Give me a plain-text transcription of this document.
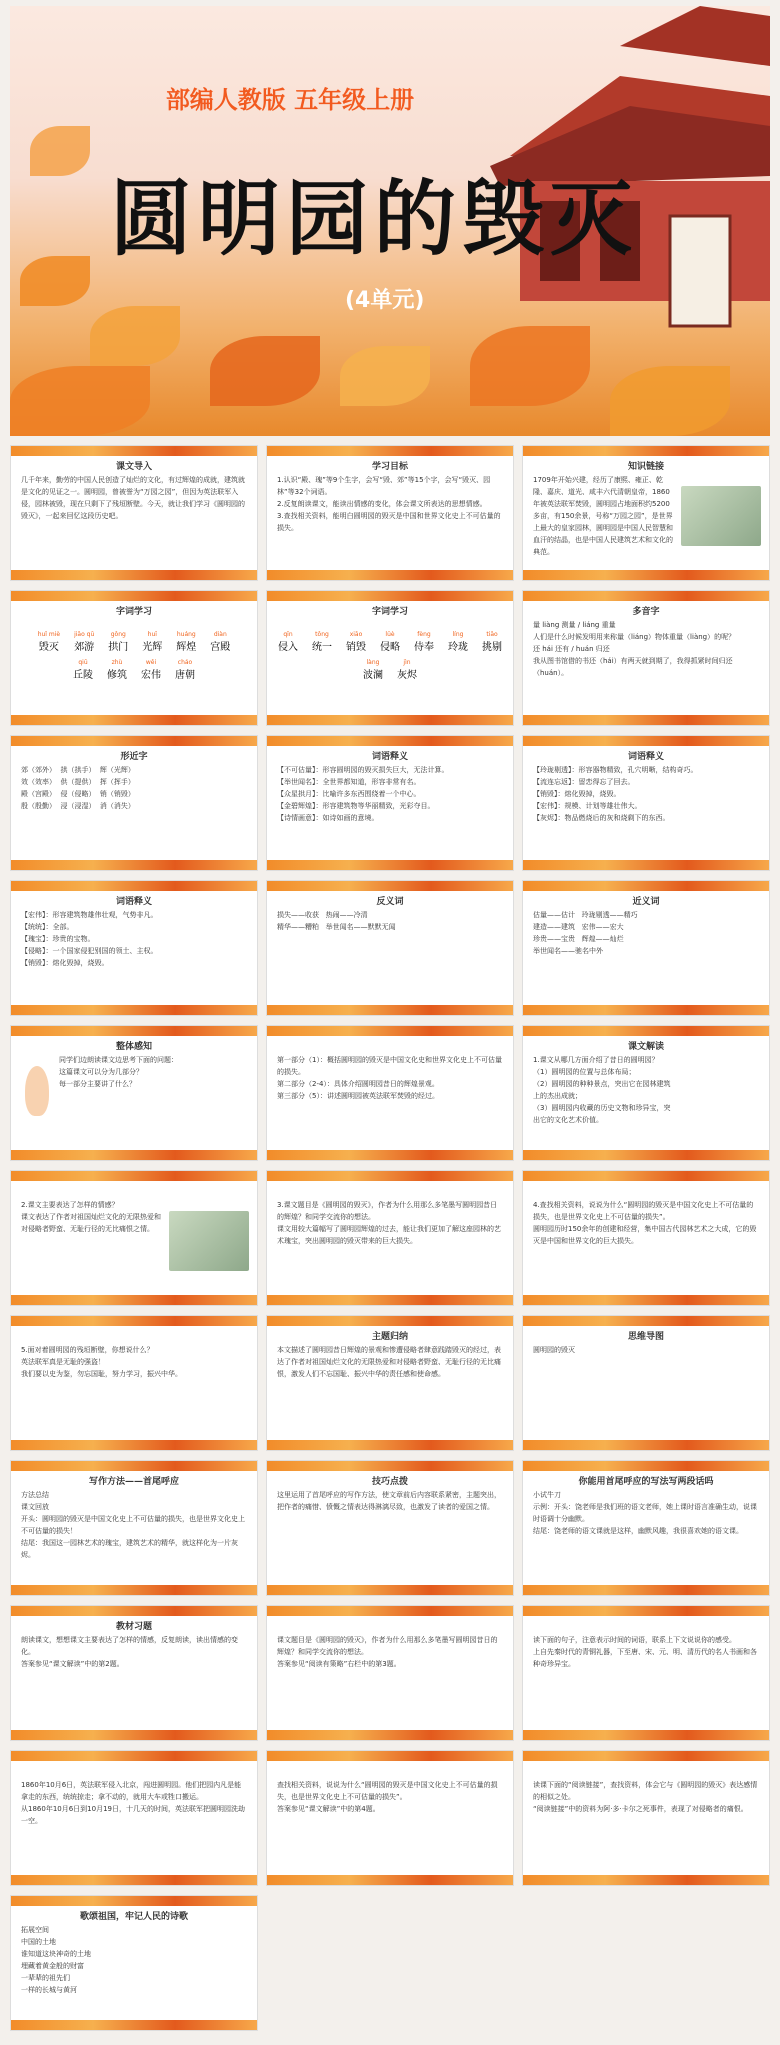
部编人教版 五年级上册
圆明园的毁灭
(4单元)
课文导入
几千年来，勤劳的中国人民创造了灿烂的文化，有过辉煌的成就，建筑就是文化的见证之一。圆明园，曾被誉为“万园之园”，但因为英法联军入侵，园林被毁，现在只剩下了残垣断壁。今天，就让我们学习《圆明园的毁灭》，一起来回忆这段历史吧。
学习目标
1.认识“殿、瑰”等9个生字，会写“毁、郊”等15个字，会写“毁灭、园林”等32个词语。
2.反复朗读课文，能读出情感的变化，体会课文所表达的思想情感。
3.查找相关资料，能明白圆明园的毁灭是中国和世界文化史上不可估量的损失。
知识链接
1709年开始兴建，经历了康熙、雍正、乾隆、嘉庆、道光、咸丰六代清朝皇帝，1860年被英法联军焚毁，圆明园占地面积约5200多亩，有150余景，号称“万园之园”，是世界上最大的皇家园林，圆明园是中国人民智慧和血汗的结晶，也是中国人民建筑艺术和文化的典范。
字词学习
huǐ miè
毁灭
jiāo qū
郊游
gǒng
拱门
huī
光辉
huáng
辉煌
diàn
宫殿
qiū
丘陵
zhù
修筑
wěi
宏伟
cháo
唐朝
字词学习
qīn
侵入
tǒng
统一
xiāo
销毁
lüè
侵略
fèng
侍奉
líng
玲珑
tiāo
挑剔
làng
波澜
jìn
灰烬
多音字
量 liàng 测量 / liáng 重量
人们是什么时候发明用来称量（liáng）物体重量（liàng）的呢？
还 hái 还有 / huán 归还
我从图书馆借的书还（hái）有两天就到期了，我得抓紧时间归还（huán）。
形近字
郊（郊外）  拱（拱手）  辉（光辉）
效（效率）  供（提供）  挥（挥手）
殿（宫殿）  侵（侵略）  销（销毁）
殷（殷勤）  浸（浸湿）  消（消失）
词语释义
【不可估量】：形容圆明园的毁灭损失巨大，无法计算。
【举世闻名】：全世界都知道，形容非常有名。
【众星拱月】：比喻许多东西围绕着一个中心。
【金碧辉煌】：形容建筑物等华丽精致，光彩夺目。
【诗情画意】：如诗如画的意境。
词语释义
【玲珑剔透】：形容器物精致，孔穴明晰，结构奇巧。
【流连忘返】：留恋得忘了回去。
【销毁】：熔化毁掉，烧毁。
【宏伟】：规模、计划等雄壮伟大。
【灰烬】：物品燃烧后的灰和烧剩下的东西。
词语释义
【宏伟】：形容建筑物雄伟壮观，气势非凡。
【统统】：全部。
【瑰宝】：珍贵的宝物。
【侵略】：一个国家侵犯别国的领土、主权。
【销毁】：熔化毁掉，烧毁。
反义词
损失——收获   热闹——冷清
精华——糟粕   举世闻名——默默无闻
近义词
估量——估计   玲珑剔透——精巧
建造——建筑   宏伟——宏大
珍贵——宝贵   辉煌——灿烂
举世闻名——驰名中外
整体感知
同学们边朗读课文边思考下面的问题：
这篇课文可以分为几部分？
每一部分主要讲了什么？
第一部分（1）：概括圆明园的毁灭是中国文化史和世界文化史上不可估量的损失。
第二部分（2-4）：具体介绍圆明园昔日的辉煌景观。
第三部分（5）：讲述圆明园被英法联军焚毁的经过。
课文解读
1.课文从哪几方面介绍了昔日的圆明园？
（1）圆明园的位置与总体布局；
（2）圆明园的种种景点，突出它在园林建筑上的杰出成就；
（3）圆明园内收藏的历史文物和珍异宝，突出它的文化艺术价值。
2.课文主要表达了怎样的情感？
课文表达了作者对祖国灿烂文化的无限热爱和对侵略者野蛮、无耻行径的无比痛恨之情。
3.课文题目是《圆明园的毁灭》，作者为什么用那么多笔墨写圆明园昔日的辉煌？和同学交流你的想法。
课文用较大篇幅写了圆明园辉煌的过去，能让我们更加了解这座园林的艺术瑰宝，突出圆明园的毁灭带来的巨大损失。
4.查找相关资料，说说为什么“圆明园的毁灭是中国文化史上不可估量的损失，也是世界文化史上不可估量的损失”。
圆明园历时150余年的创建和经营，集中国古代园林艺术之大成，它的毁灭是中国和世界文化的巨大损失。
5.面对着圆明园的残垣断壁，你想说什么？
英法联军真是无耻的强盗！
我们要以史为鉴，勿忘国耻，努力学习，振兴中华。
主题归纳
本文描述了圆明园昔日辉煌的景观和惨遭侵略者肆意践踏毁灭的经过，表达了作者对祖国灿烂文化的无限热爱和对侵略者野蛮、无耻行径的无比痛恨，激发人们不忘国耻、振兴中华的责任感和使命感。
思维导图
圆明园的毁灭
写作方法——首尾呼应
方法总结
课文回放
开头：圆明园的毁灭是中国文化史上不可估量的损失，也是世界文化史上不可估量的损失！
结尾：我国这一园林艺术的瑰宝，建筑艺术的精华，就这样化为一片灰烬。
技巧点拨
这里运用了首尾呼应的写作方法，使文章前后内容联系紧密，主题突出，把作者的痛惜、愤慨之情表达得淋漓尽致，也激发了读者的爱国之情。
你能用首尾呼应的写法写两段话吗
小试牛刀
示例：开头：饶老师是我们班的语文老师，她上课时语言准确生动，说课时语调十分幽默。
结尾：饶老师的语文课就是这样，幽默风趣，我很喜欢她的语文课。
教材习题
朗读课文，想想课文主要表达了怎样的情感，反复朗读，读出情感的变化。
答案参见“课文解读”中的第2题。
课文题目是《圆明园的毁灭》，作者为什么用那么多笔墨写圆明园昔日的辉煌？和同学交流你的想法。
答案参见“阅读有策略”右栏中的第3题。
读下面的句子，注意表示时间的词语，联系上下文说说你的感受。
上自先秦时代的青铜礼器，下至唐、宋、元、明、清历代的名人书画和各种奇珍异宝。
1860年10月6日，英法联军侵入北京，闯进圆明园。他们把园内凡是能拿走的东西，统统掠走；拿不动的，就用大车或牲口搬运。
从1860年10月6日到10月19日，十几天的时间，英法联军把圆明园洗劫一空。
查找相关资料，说说为什么“圆明园的毁灭是中国文化史上不可估量的损失，也是世界文化史上不可估量的损失”。
答案参见“课文解读”中的第4题。
读课下面的“阅读链接”，查找资料，体会它与《圆明园的毁灭》表达感情的相似之处。
“阅读链接”中的资料为阿·多·卡尔之死事件，表现了对侵略者的痛恨。
歌颂祖国，牢记人民的诗歌
拓展空间
中国的土地
谁知道这块神奇的土地
埋藏着黄金般的财富
一辈辈的祖先们
一样的长城与黄河
